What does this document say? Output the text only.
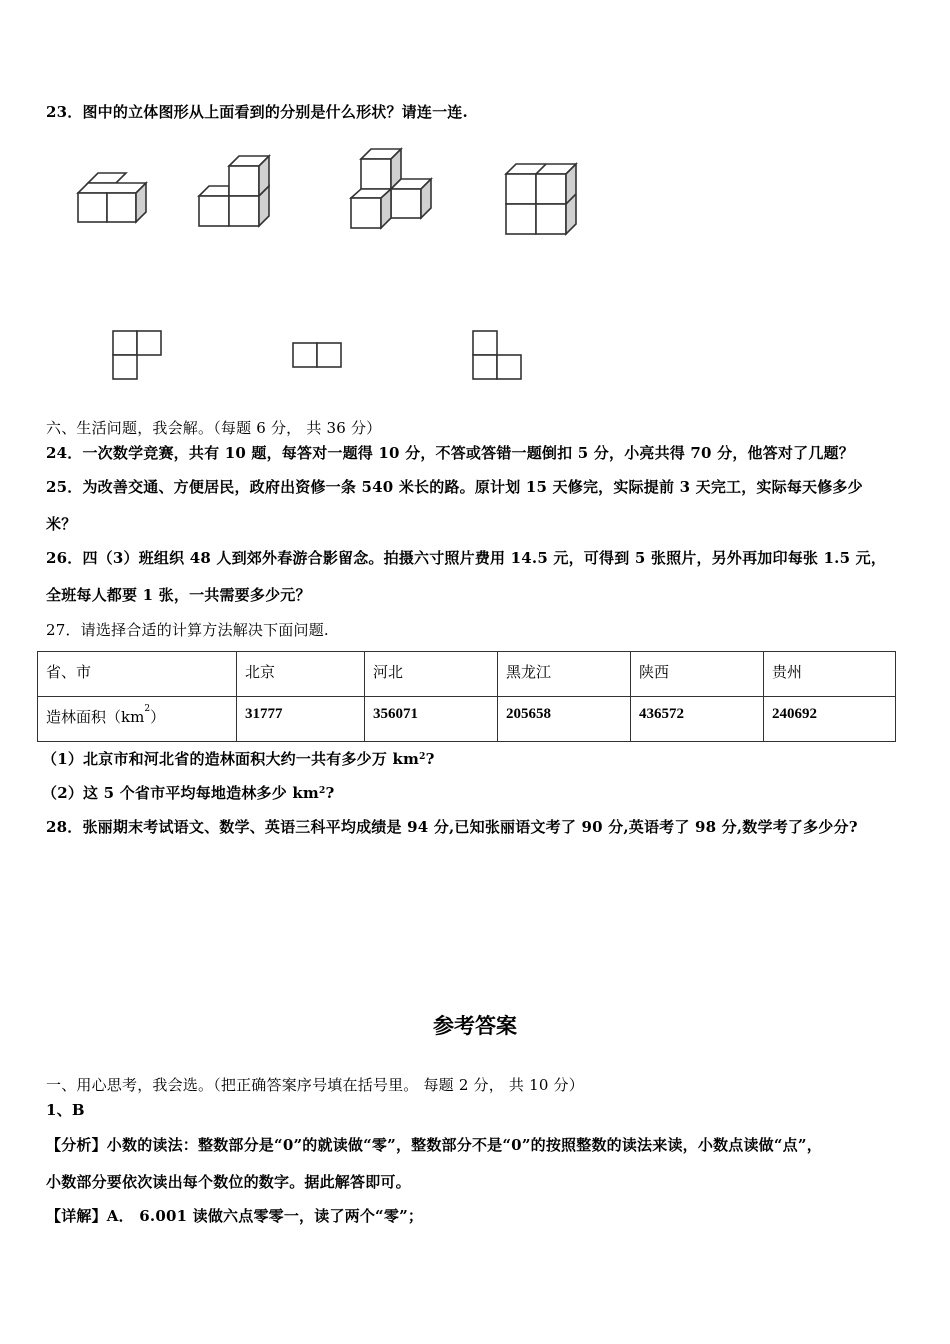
23．图中的立体图形从上面看到的分别是什么形状？请连一连.
六、生活问题，我会解。（每题 6 分， 共 36 分）
24．一次数学竞赛，共有 10 题，每答对一题得 10 分，不答或答错一题倒扣 5 分，小亮共得 70 分，他答对了几题？
25．为改善交通、方便居民，政府出资修一条 540 米长的路。原计划 15 天修完，实际提前 3 天完工，实际每天修多少
米？
26．四（3）班组织 48 人到郊外春游合影留念。拍摄六寸照片费用 14.5 元，可得到 5 张照片，另外再加印每张 1.5 元，
全班每人都要 1 张，一共需要多少元？
27．请选择合适的计算方法解决下面问题.
省、市	北京	河北	黑龙江	陕西	贵州
造林面积$(km^2)$	31777	356071	205658	436572	240692
（1）北京市和河北省的造林面积大约一共有多少万 $km^2$?
（2）这 5 个省市平均每地造林多少 $km^2$?
28．张丽期末考试语文、数学、英语三科平均成绩是 94 分,已知张丽语文考了 90 分,英语考了 98 分,数学考了多少分?
参考答案
一、用心思考，我会选。（把正确答案序号填在括号里。 每题 2 分， 共 10 分）
1、B
【分析】小数的读法：整数部分是“0”的就读做“零”，整数部分不是“0”的按照整数的读法来读，小数点读做“点”，
小数部分要依次读出每个数位的数字。据此解答即可。
【详解】A． 6.001 读做六点零零一，读了两个“零”；
